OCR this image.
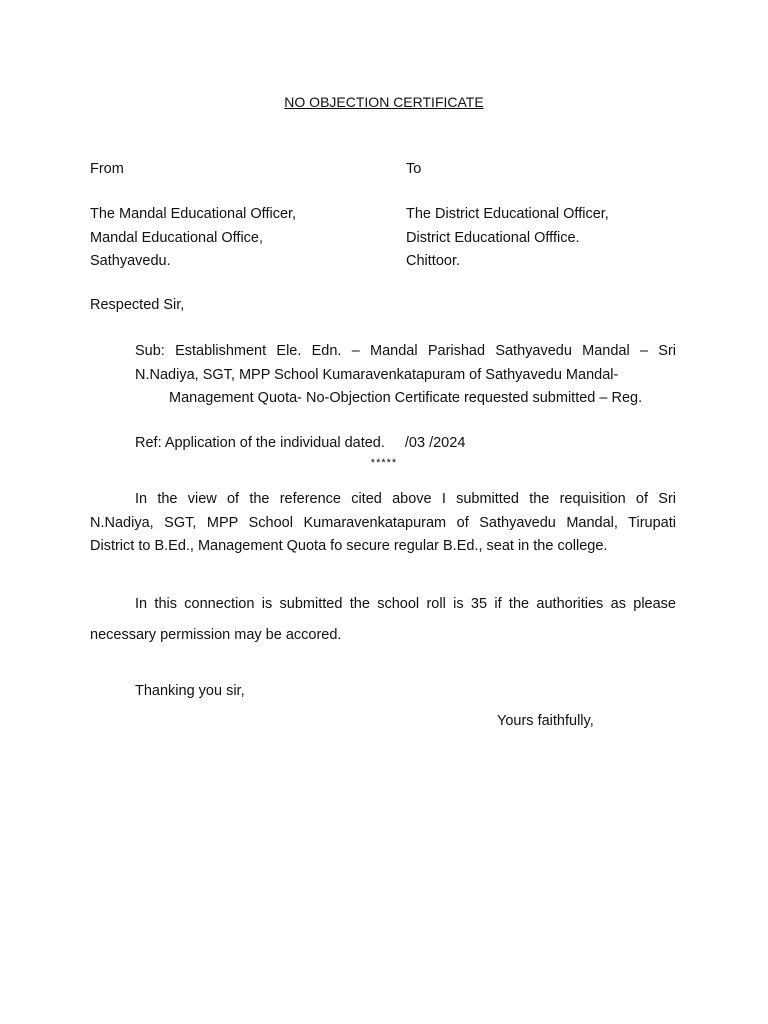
NO OBJECTION CERTIFICATE
From	To
The Mandal Educational Officer,
Mandal Educational Office,
Sathyavedu.
The District Educational Officer,
District Educational Offfice.
Chittoor.
Respected Sir,
Sub: Establishment Ele. Edn. – Mandal Parishad Sathyavedu Mandal – Sri
N.Nadiya, SGT, MPP School Kumaravenkatapuram of Sathyavedu Mandal-
Management Quota- No-Objection Certificate requested submitted – Reg.
Ref: Application of the individual dated. /03 /2024
*****
In the view of the reference cited above I submitted the requisition of Sri
N.Nadiya, SGT, MPP School Kumaravenkatapuram of Sathyavedu Mandal, Tirupati
District to B.Ed., Management Quota fo secure regular B.Ed., seat in the college.
In this connection is submitted the school roll is 35 if the authorities as please
necessary permission may be accored.
Thanking you sir,
Yours faithfully,
